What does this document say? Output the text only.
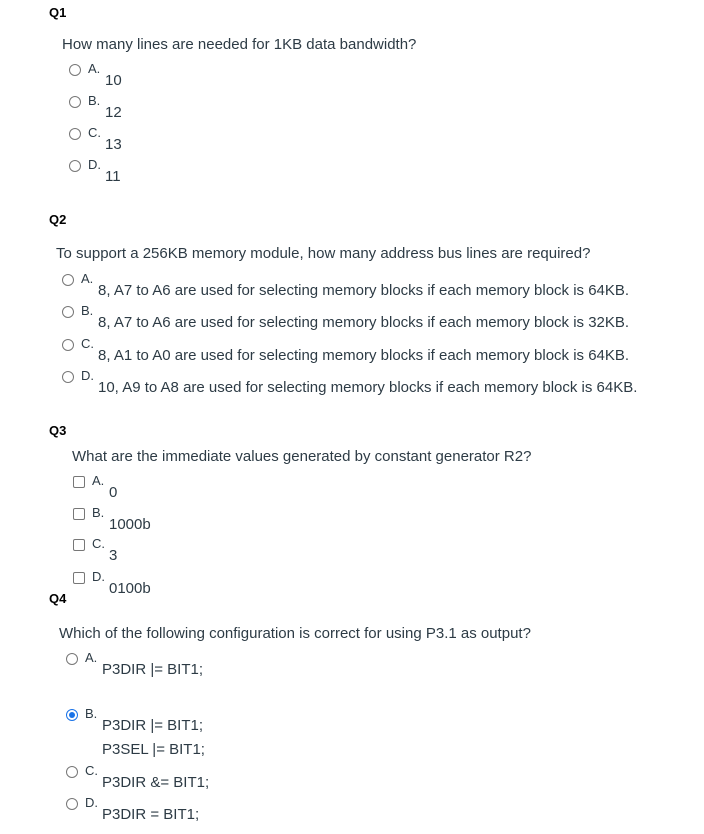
Q1
How many lines are needed for 1KB data bandwidth?
A.
10
B.
12
C.
13
D.
11
Q2
To support a 256KB memory module, how many address bus lines are required?
A.
8, A7 to A6 are used for selecting memory blocks if each memory block is 64KB.
B.
8, A7 to A6 are used for selecting memory blocks if each memory block is 32KB.
C.
8, A1 to A0 are used for selecting memory blocks if each memory block is 64KB.
D.
10, A9 to A8 are used for selecting memory blocks if each memory block is 64KB.
Q3
What are the immediate values generated by constant generator R2?
A.
0
B.
1000b
C.
3
D.
0100b
Q4
Which of the following configuration is correct for using P3.1 as output?
A.
P3DIR |= BIT1;
B.
P3DIR |= BIT1;
P3SEL |= BIT1;
C.
P3DIR &= BIT1;
D.
P3DIR = BIT1;
